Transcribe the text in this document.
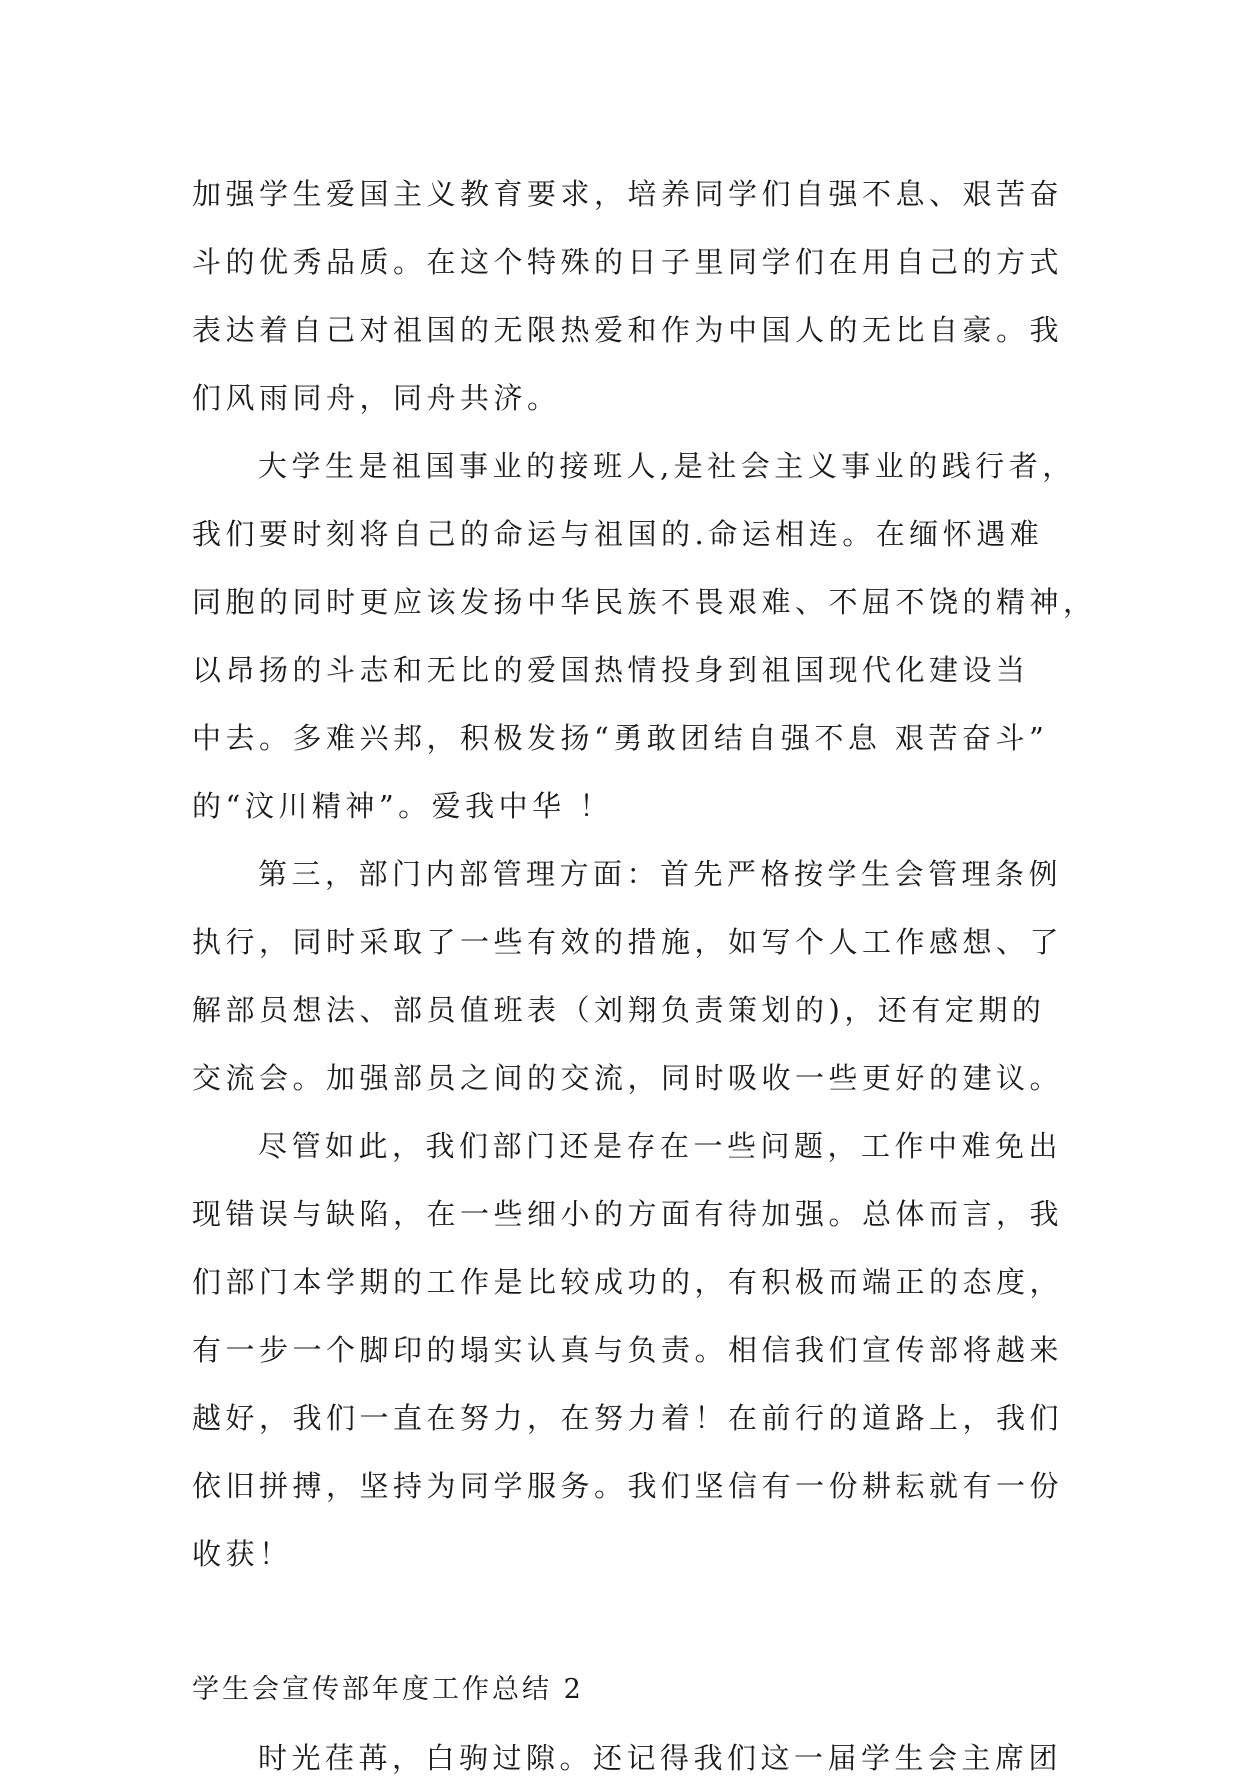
加强学生爱国主义教育要求，培养同学们自强不息、艰苦奋
斗的优秀品质。在这个特殊的日子里同学们在用自己的方式
表达着自己对祖国的无限热爱和作为中国人的无比自豪。我
们风雨同舟，同舟共济。
大学生是祖国事业的接班人,是社会主义事业的践行者，
我们要时刻将自己的命运与祖国的.命运相连。在缅怀遇难
同胞的同时更应该发扬中华民族不畏艰难、不屈不饶的精神，
以昂扬的斗志和无比的爱国热情投身到祖国现代化建设当
中去。多难兴邦，积极发扬“勇敢团结自强不息 艰苦奋斗”
的“汶川精神”。爱我中华 ！
第三，部门内部管理方面：首先严格按学生会管理条例
执行，同时采取了一些有效的措施，如写个人工作感想、了
解部员想法、部员值班表（刘翔负责策划的)，还有定期的
交流会。加强部员之间的交流，同时吸收一些更好的建议。
尽管如此，我们部门还是存在一些问题，工作中难免出
现错误与缺陷，在一些细小的方面有待加强。总体而言，我
们部门本学期的工作是比较成功的，有积极而端正的态度，
有一步一个脚印的塌实认真与负责。相信我们宣传部将越来
越好，我们一直在努力，在努力着！在前行的道路上，我们
依旧拼搏，坚持为同学服务。我们坚信有一份耕耘就有一份
收获！
学生会宣传部年度工作总结 2
时光荏苒，白驹过隙。还记得我们这一届学生会主席团
